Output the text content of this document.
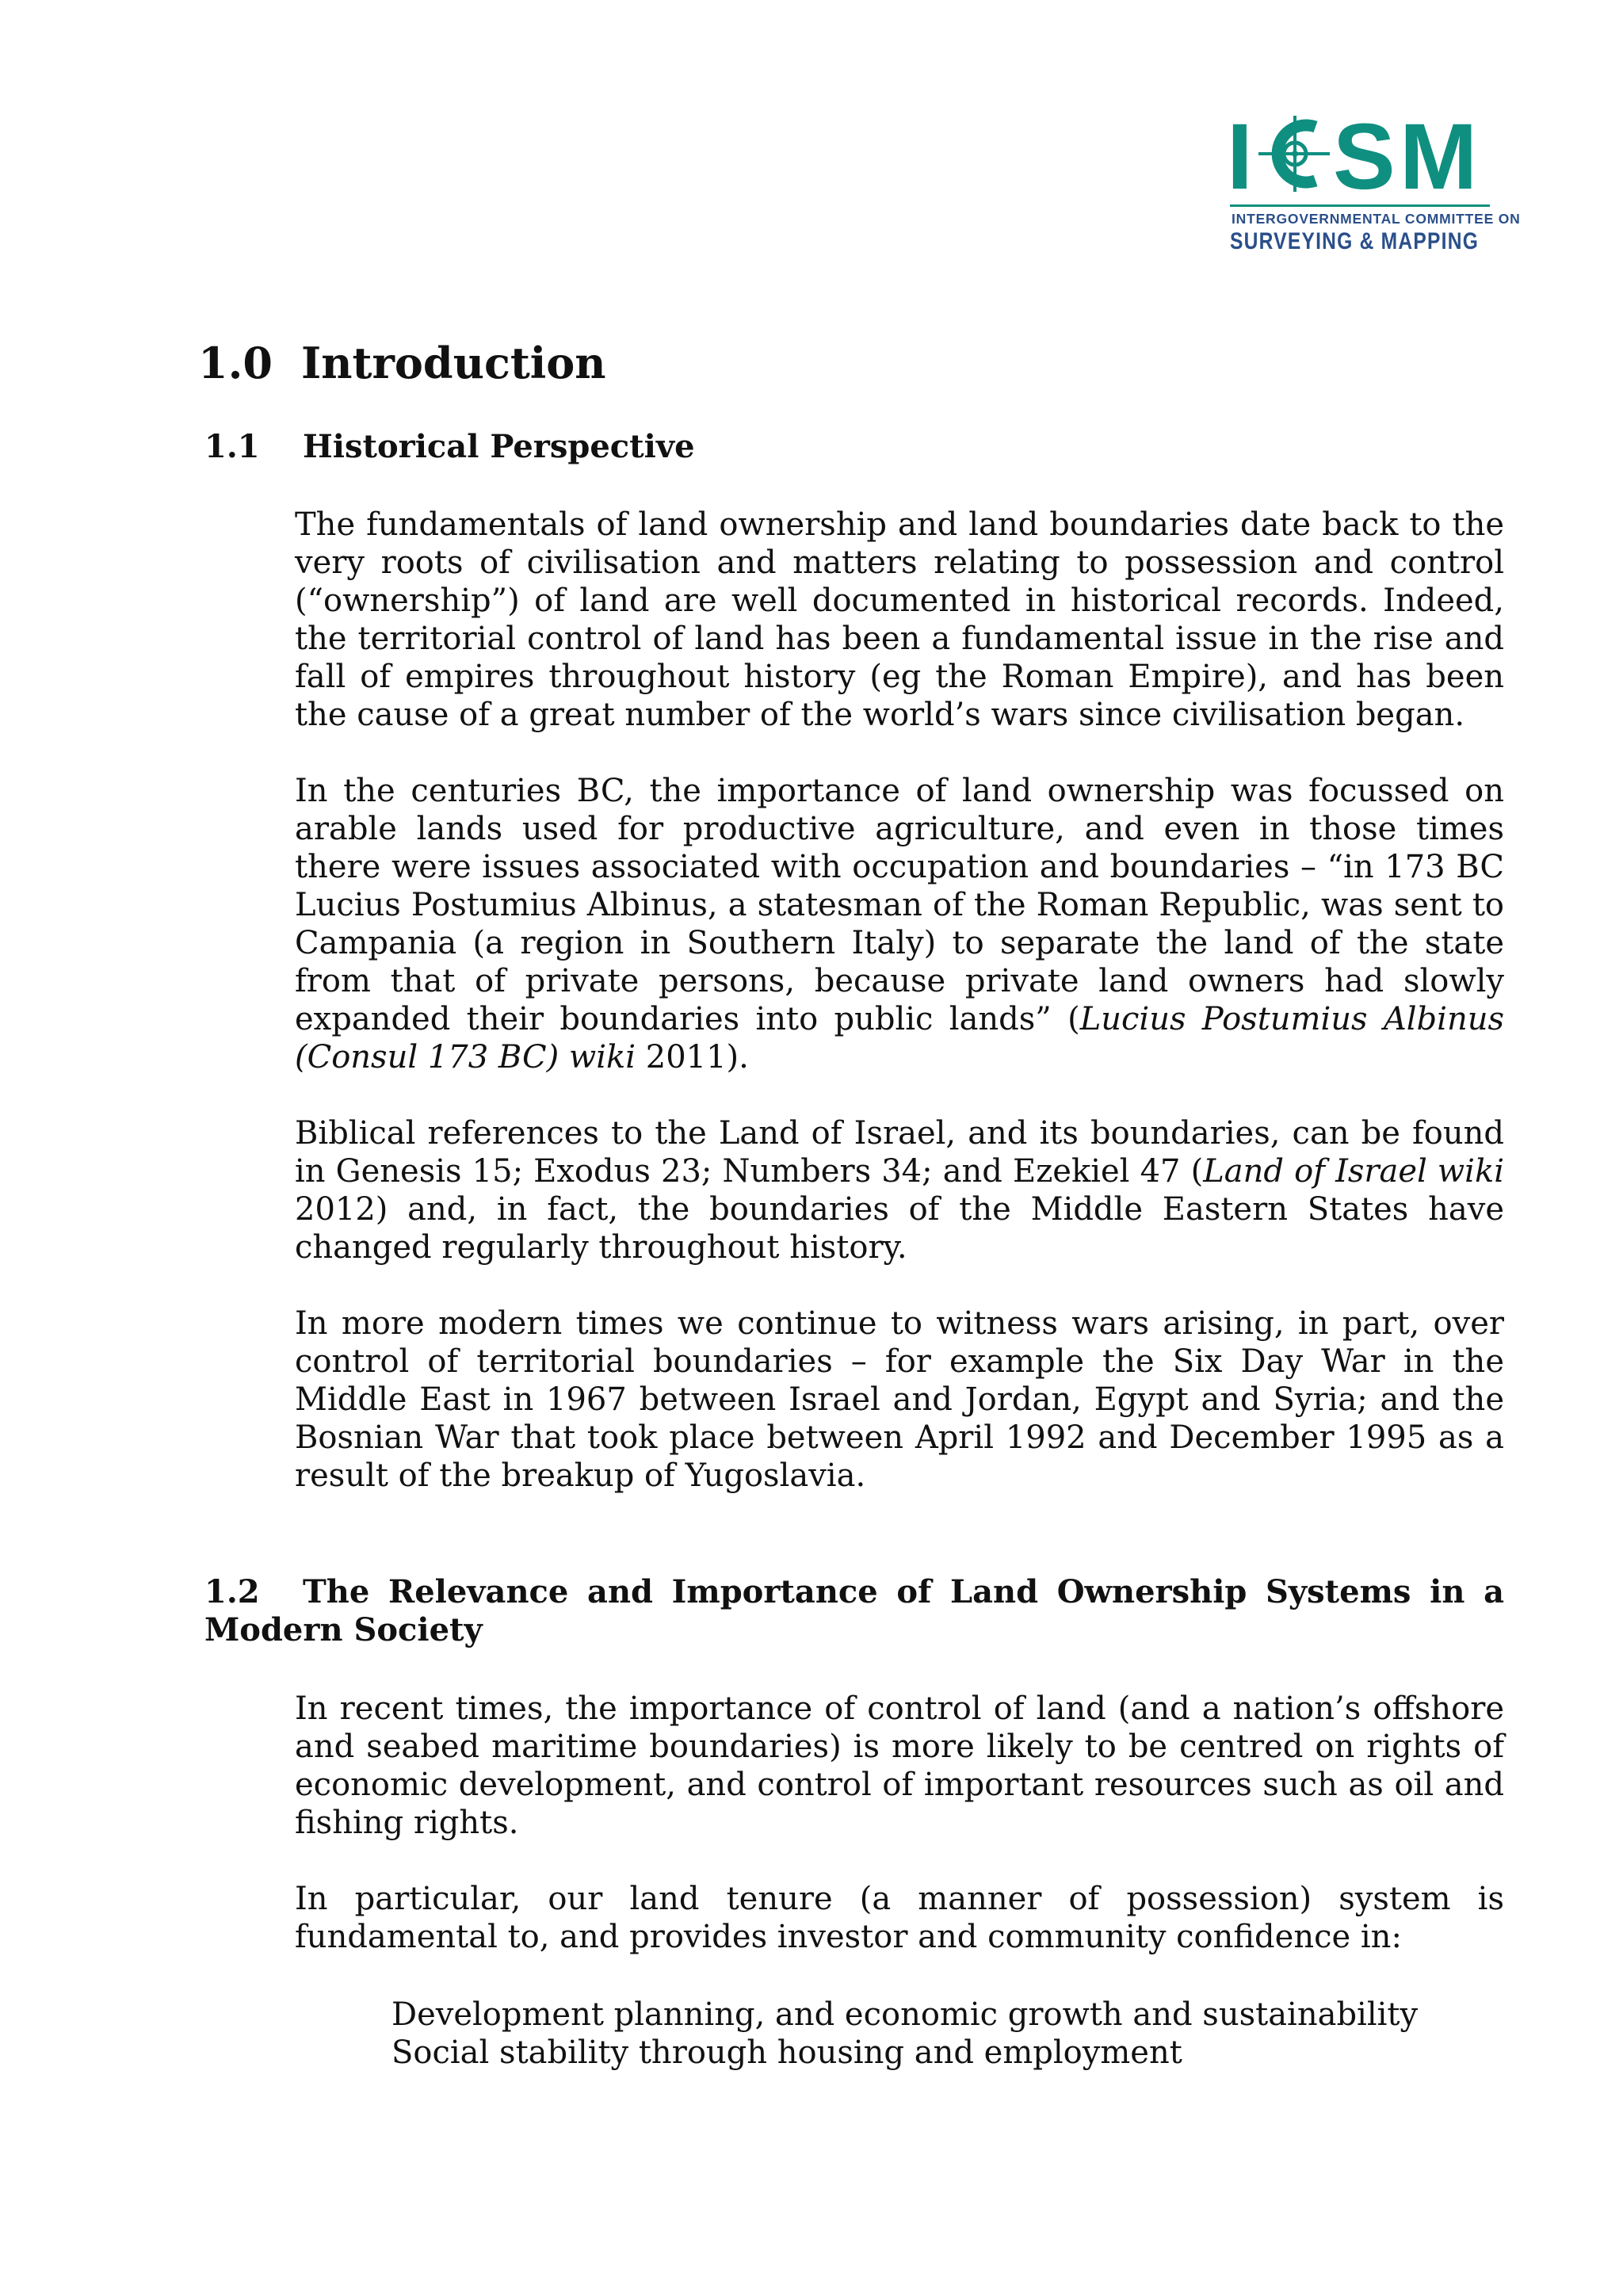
I S M
INTERGOVERNMENTAL COMMITTEE ON
SURVEYING & MAPPING
1.0 Introduction
1.1 Historical Perspective

The fundamentals of land ownership and land boundaries date back to the very roots of civilisation and matters relating to possession and control (“ownership”) of land are well documented in historical records. Indeed, the territorial control of land has been a fundamental issue in the rise and fall of empires throughout history (eg the Roman Empire), and has been the cause of a great number of the world’s wars since civilisation began.

In the centuries BC, the importance of land ownership was focussed on arable lands used for productive agriculture, and even in those times there were issues associated with occupation and boundaries – “in 173 BC Lucius Postumius Albinus, a statesman of the Roman Republic, was sent to Campania (a region in Southern Italy) to separate the land of the state from that of private persons, because private land owners had slowly expanded their boundaries into public lands” (Lucius Postumius Albinus (Consul 173 BC) wiki 2011).

Biblical references to the Land of Israel, and its boundaries, can be found in Genesis 15; Exodus 23; Numbers 34; and Ezekiel 47 (Land of Israel wiki 2012) and, in fact, the boundaries of the Middle Eastern States have changed regularly throughout history.

In more modern times we continue to witness wars arising, in part, over control of territorial boundaries – for example the Six Day War in the Middle East in 1967 between Israel and Jordan, Egypt and Syria; and the Bosnian War that took place between April 1992 and December 1995 as a result of the breakup of Yugoslavia.

1.2 The Relevance and Importance of Land Ownership Systems in a Modern Society

In recent times, the importance of control of land (and a nation’s offshore and seabed maritime boundaries) is more likely to be centred on rights of economic development, and control of important resources such as oil and fishing rights.

In particular, our land tenure (a manner of possession) system is fundamental to, and provides investor and community confidence in:

Development planning, and economic growth and sustainability
Social stability through housing and employment
